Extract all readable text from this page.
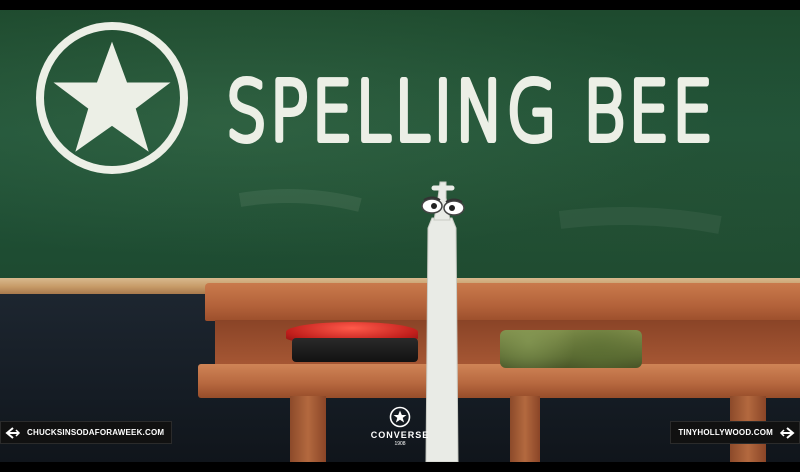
SPELLING BEE
CHUCKSINSODAFORAWEEK.COM	TINYHOLLYWOOD.COM
CONVERSE
1908
